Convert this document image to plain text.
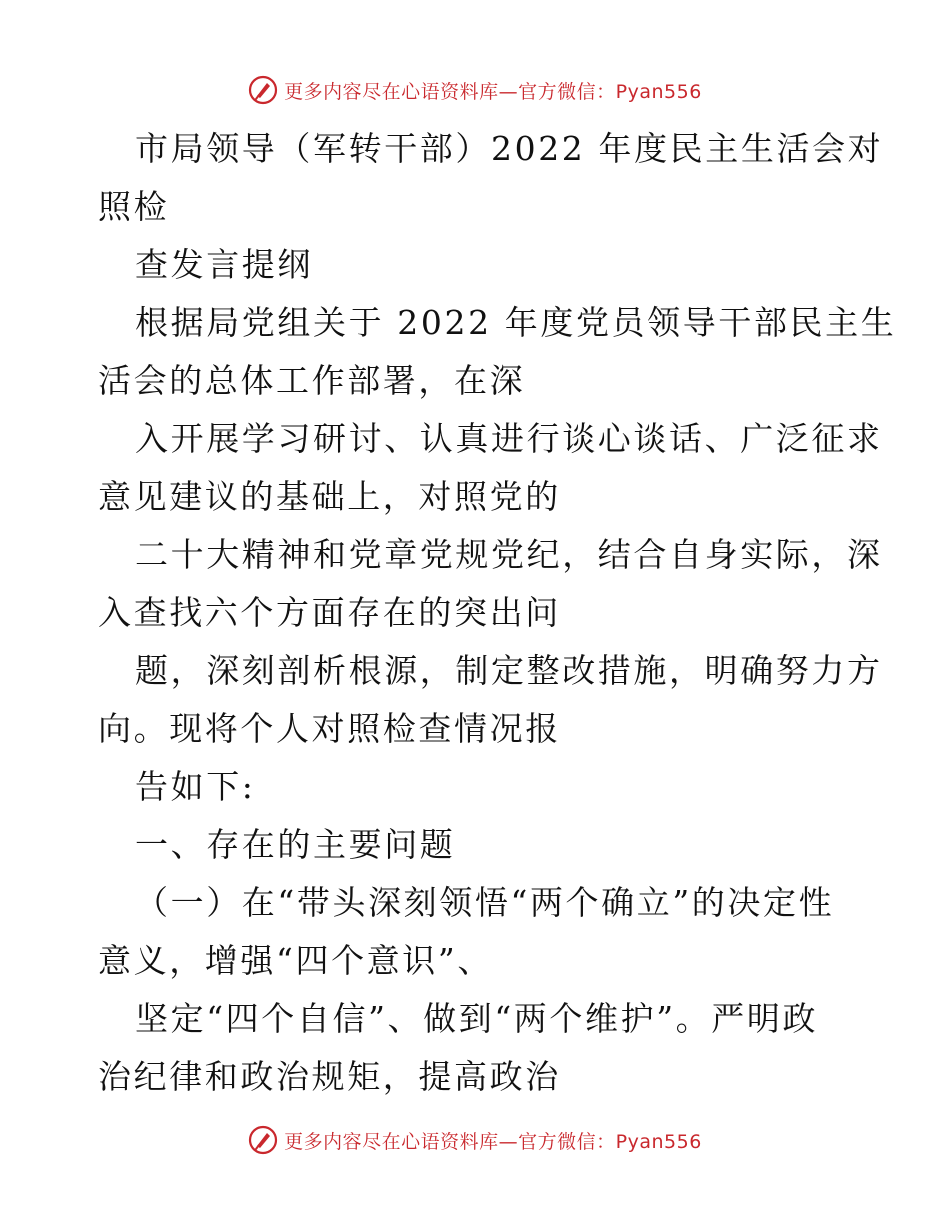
更多内容尽在心语资料库—官方微信：Pyan556
市局领导（军转干部）2022 年度民主生活会对
照检
查发言提纲
根据局党组关于 2022 年度党员领导干部民主生
活会的总体工作部署，在深
入开展学习研讨、认真进行谈心谈话、广泛征求
意见建议的基础上，对照党的
二十大精神和党章党规党纪，结合自身实际，深
入查找六个方面存在的突出问
题，深刻剖析根源，制定整改措施，明确努力方
向。现将个人对照检查情况报
告如下:
一、存在的主要问题
（一）在“带头深刻领悟“两个确立”的决定性
意义，增强“四个意识”、
坚定“四个自信”、做到“两个维护”。严明政
治纪律和政治规矩，提高政治
更多内容尽在心语资料库—官方微信：Pyan556
